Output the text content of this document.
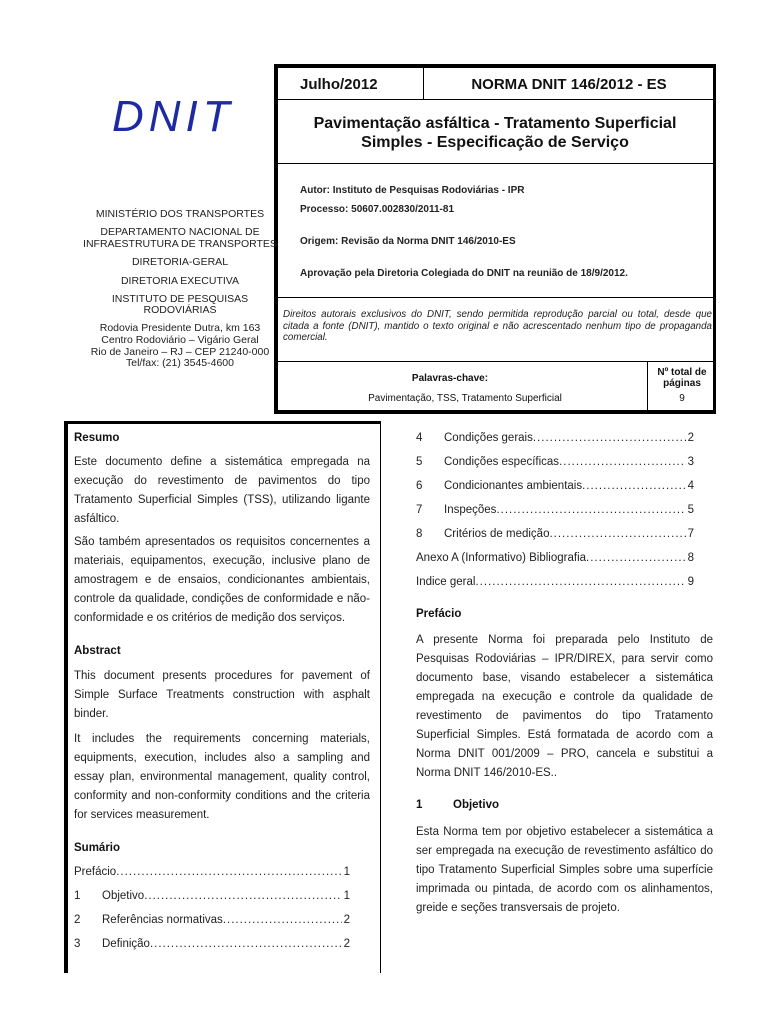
DNIT
MINISTÉRIO DOS TRANSPORTES
DEPARTAMENTO NACIONAL DE
INFRAESTRUTURA DE TRANSPORTES
DIRETORIA-GERAL
DIRETORIA EXECUTIVA
INSTITUTO DE PESQUISAS
RODOVIÁRIAS
Rodovia Presidente Dutra, km 163
Centro Rodoviário – Vigário Geral
Rio de Janeiro – RJ – CEP 21240-000
Tel/fax: (21) 3545-4600
Julho/2012	NORMA DNIT 146/2012 - ES
Pavimentação asfáltica - Tratamento Superficial
Simples - Especificação de Serviço
Autor: Instituto de Pesquisas Rodoviárias - IPR
Processo: 50607.002830/2011-81
Origem: Revisão da Norma DNIT 146/2010-ES
Aprovação pela Diretoria Colegiada do DNIT na reunião de 18/9/2012.
Direitos autorais exclusivos do DNIT, sendo permitida reprodução parcial ou total, desde que citada a fonte (DNIT), mantido o texto original e não acrescentado nenhum tipo de propaganda comercial.
Palavras-chave:
Pavimentação, TSS, Tratamento Superficial
Nº total de
páginas
9
Resumo
Este documento define a sistemática empregada na execução do revestimento de pavimentos do tipo Tratamento Superficial Simples (TSS), utilizando ligante asfáltico.
São também apresentados os requisitos concernentes a materiais, equipamentos, execução, inclusive plano de amostragem e de ensaios, condicionantes ambientais, controle da qualidade, condições de conformidade e não-conformidade e os critérios de medição dos serviços.
Abstract
This document presents procedures for pavement of Simple Surface Treatments construction with asphalt binder.
It includes the requirements concerning materials, equipments, execution, includes also a sampling and essay plan, environmental management, quality control, conformity and non-conformity conditions and the criteria for services measurement.
Sumário
Prefácio .....	1
1	Objetivo .....	1
2	Referências normativas .....	2
3	Definição .....	2
4	Condições gerais .....	2
5	Condições específicas .....	3
6	Condicionantes ambientais .....	4
7	Inspeções .....	5
8	Critérios de medição .....	7
Anexo A (Informativo) Bibliografia .....	8
Índice geral .....	9
Prefácio
A presente Norma foi preparada pelo Instituto de Pesquisas Rodoviárias – IPR/DIREX, para servir como documento base, visando estabelecer a sistemática empregada na execução e controle da qualidade de revestimento de pavimentos do tipo Tratamento Superficial Simples. Está formatada de acordo com a Norma DNIT 001/2009 – PRO, cancela e substitui a Norma DNIT 146/2010-ES..
1	Objetivo
Esta Norma tem por objetivo estabelecer a sistemática a ser empregada na execução de revestimento asfáltico do tipo Tratamento Superficial Simples sobre uma superfície imprimada ou pintada, de acordo com os alinhamentos, greide e seções transversais de projeto.
